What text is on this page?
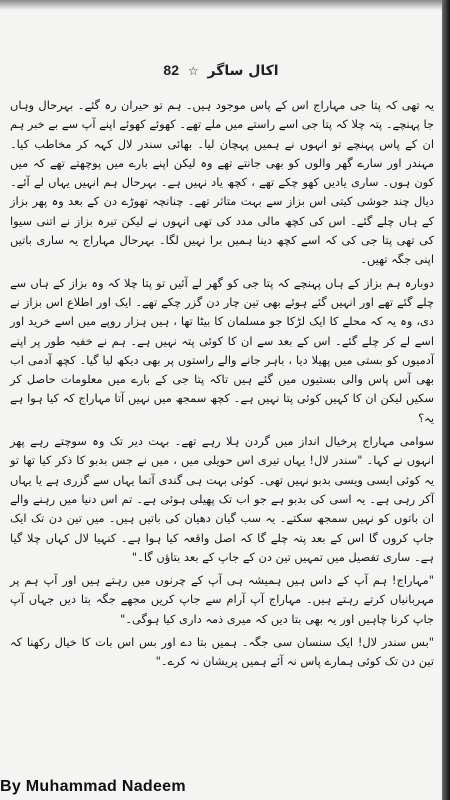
اکال ساگر ☆ 82

یہ تھی کہ پتا جی مہاراج اس کے پاس موجود ہیں۔ ہم تو حیران رہ گئے۔ بہرحال وہاں جا پہنچے۔ پتہ چلا کہ پتا جی اسے راستے میں ملے تھے۔ کھوئے کھوئے اپنے آپ سے بے خبر ہم ان کے پاس پہنچے تو انہوں نے ہمیں پہچان لیا۔ بھائی سندر لال کہہ کر مخاطب کیا۔ مہندر اور سارے گھر والوں کو بھی جانتے تھے وہ لیکن اپنے بارے میں پوچھتے تھے کہ میں کون ہوں۔ ساری یادیں کھو چکے تھے ، کچھ یاد نہیں ہے۔ بہرحال ہم انہیں یہاں لے آئے۔ دیال چند جوشی کیتی اس بزاز سے بہت متاثر تھے۔ چنانچہ تھوڑے دن کے بعد وہ پھر بزاز کے ہاں چلے گئے۔ اس کی کچھ مالی مدد کی تھی انہوں نے لیکن تیرہ بزاز نے اتنی سیوا کی تھی پتا جی کی کہ اسے کچھ دینا ہمیں برا نہیں لگا۔ بہرحال مہاراج یہ ساری باتیں اپنی جگہ تھیں۔

دوبارہ ہم بزاز کے ہاں پہنچے کہ پتا جی کو گھر لے آئیں تو پتا چلا کہ وہ بزاز کے ہاں سے چلے گئے تھے اور انہیں گئے ہوئے بھی تین چار دن گزر چکے تھے۔ ایک اور اطلاع اس بزاز نے دی، وہ یہ کہ محلے کا ایک لڑکا جو مسلمان کا بیٹا تھا ، ہیں ہزار روپے میں اسے خرید اور اسے لے کر چلے گئے۔ اس کے بعد سے ان کا کوئی پتہ نہیں ہے۔ ہم نے خفیہ طور پر اپنے آدمیوں کو بستی میں پھیلا دیا ، باہر جانے والے راستوں پر بھی دیکھ لیا گیا۔ کچھ آدمی اب بھی آس پاس والی بستیوں میں گئے ہیں تاکہ پتا جی کے بارے میں معلومات حاصل کر سکیں لیکن ان کا کہیں کوئی پتا نہیں ہے۔ کچھ سمجھ میں نہیں آتا مہاراج کہ کیا ہوا ہے یہ؟

سوامی مہاراج پرخیال انداز میں گردن ہلا رہے تھے۔ بہت دیر تک وہ سوچتے رہے پھر انہوں نے کہا۔ "سندر لال! یہاں تیری اس حویلی میں ، میں نے جس بدبو کا ذکر کیا تھا تو یہ کوئی ایسی ویسی بدبو نہیں تھی۔ کوئی بہت ہی گندی آتما یہاں سے گزری ہے یا یہاں آکر رہی ہے۔ یہ اسی کی بدبو ہے جو اب تک پھیلی ہوئی ہے۔ تم اس دنیا میں رہنے والے ان باتوں کو نہیں سمجھ سکتے۔ یہ سب گیان دھیان کی باتیں ہیں۔ میں تین دن تک ایک جاپ کروں گا اس کے بعد پتہ چلے گا کہ اصل واقعہ کیا ہوا ہے۔ کنہیا لال کہاں چلا گیا ہے۔ ساری تفصیل میں تمہیں تین دن کے جاپ کے بعد بتاؤں گا۔"

"مہاراج! ہم آپ کے داس ہیں ہمیشہ ہی آپ کے چرنوں میں رہتے ہیں اور آپ ہم پر مہربانیاں کرتے رہتے ہیں۔ مہاراج آپ آرام سے جاپ کریں مجھے جگہ بتا دیں جہاں آپ جاپ کرنا چاہیں اور یہ بھی بتا دیں کہ میری ذمہ داری کیا ہوگی۔"

"بس سندر لال! ایک سنسان سی جگہ۔ ہمیں بتا دے اور بس اس بات کا خیال رکھنا کہ تین دن تک کوئی ہمارے پاس نہ آئے ہمیں پریشان نہ کرے۔"

By Muhammad Nadeem
